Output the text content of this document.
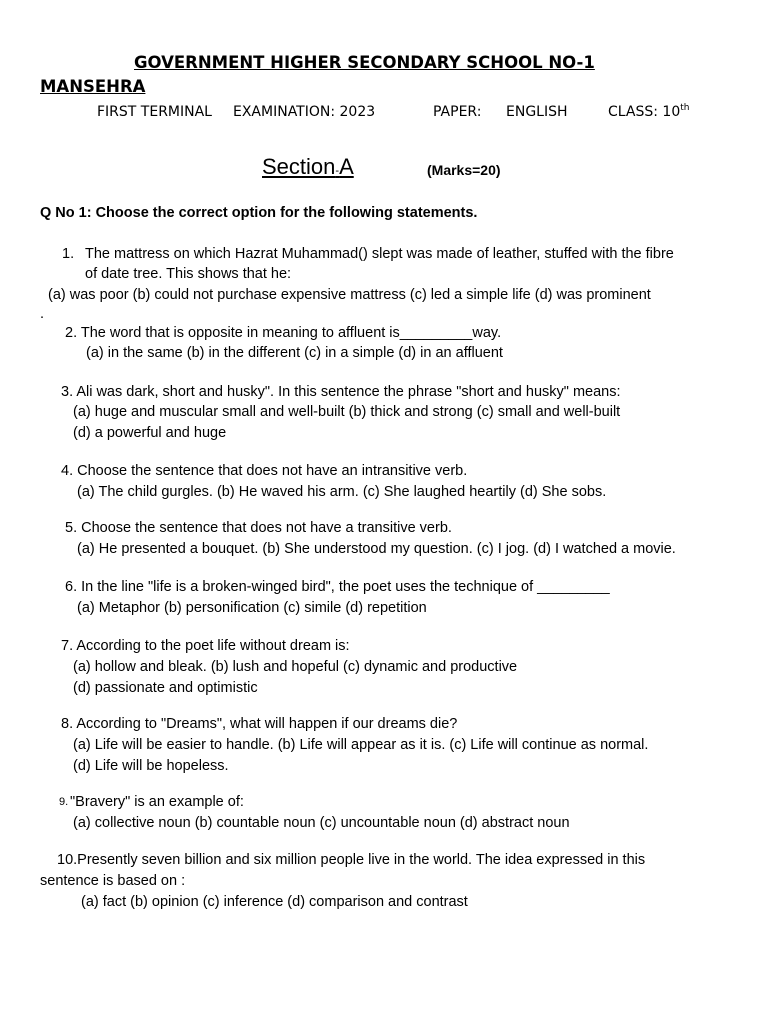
GOVERNMENT HIGHER SECONDARY SCHOOL NO-1
MANSEHRA
FIRST TERMINAL EXAMINATION: 2023	PAPER: ENGLISH	CLASS: 10th
Section-A	(Marks=20)
Q No 1: Choose the correct option for the following statements.
1. The mattress on which Hazrat Muhammad() slept was made of leather, stuffed with the fibre
of date tree. This shows that he:
(a) was poor (b) could not purchase expensive mattress (c) led a simple life (d) was prominent
.
2. The word that is opposite in meaning to affluent is_________way.
(a) in the same (b) in the different (c) in a simple (d) in an affluent
3. Ali was dark, short and husky". In this sentence the phrase "short and husky" means:
(a) huge and muscular small and well-built (b) thick and strong (c) small and well-built
(d) a powerful and huge
4. Choose the sentence that does not have an intransitive verb.
(a) The child gurgles. (b) He waved his arm. (c) She laughed heartily (d) She sobs.
5. Choose the sentence that does not have a transitive verb.
(a) He presented a bouquet. (b) She understood my question. (c) I jog. (d) I watched a movie.
6. In the line "life is a broken-winged bird", the poet uses the technique of _________
(a) Metaphor (b) personification (c) simile (d) repetition
7. According to the poet life without dream is:
(a) hollow and bleak. (b) lush and hopeful (c) dynamic and productive
(d) passionate and optimistic
8. According to "Dreams", what will happen if our dreams die?
(a) Life will be easier to handle. (b) Life will appear as it is. (c) Life will continue as normal.
(d) Life will be hopeless.
9. "Bravery" is an example of:
(a) collective noun (b) countable noun (c) uncountable noun (d) abstract noun
10.Presently seven billion and six million people live in the world. The idea expressed in this
sentence is based on :
(a) fact (b) opinion (c) inference (d) comparison and contrast
